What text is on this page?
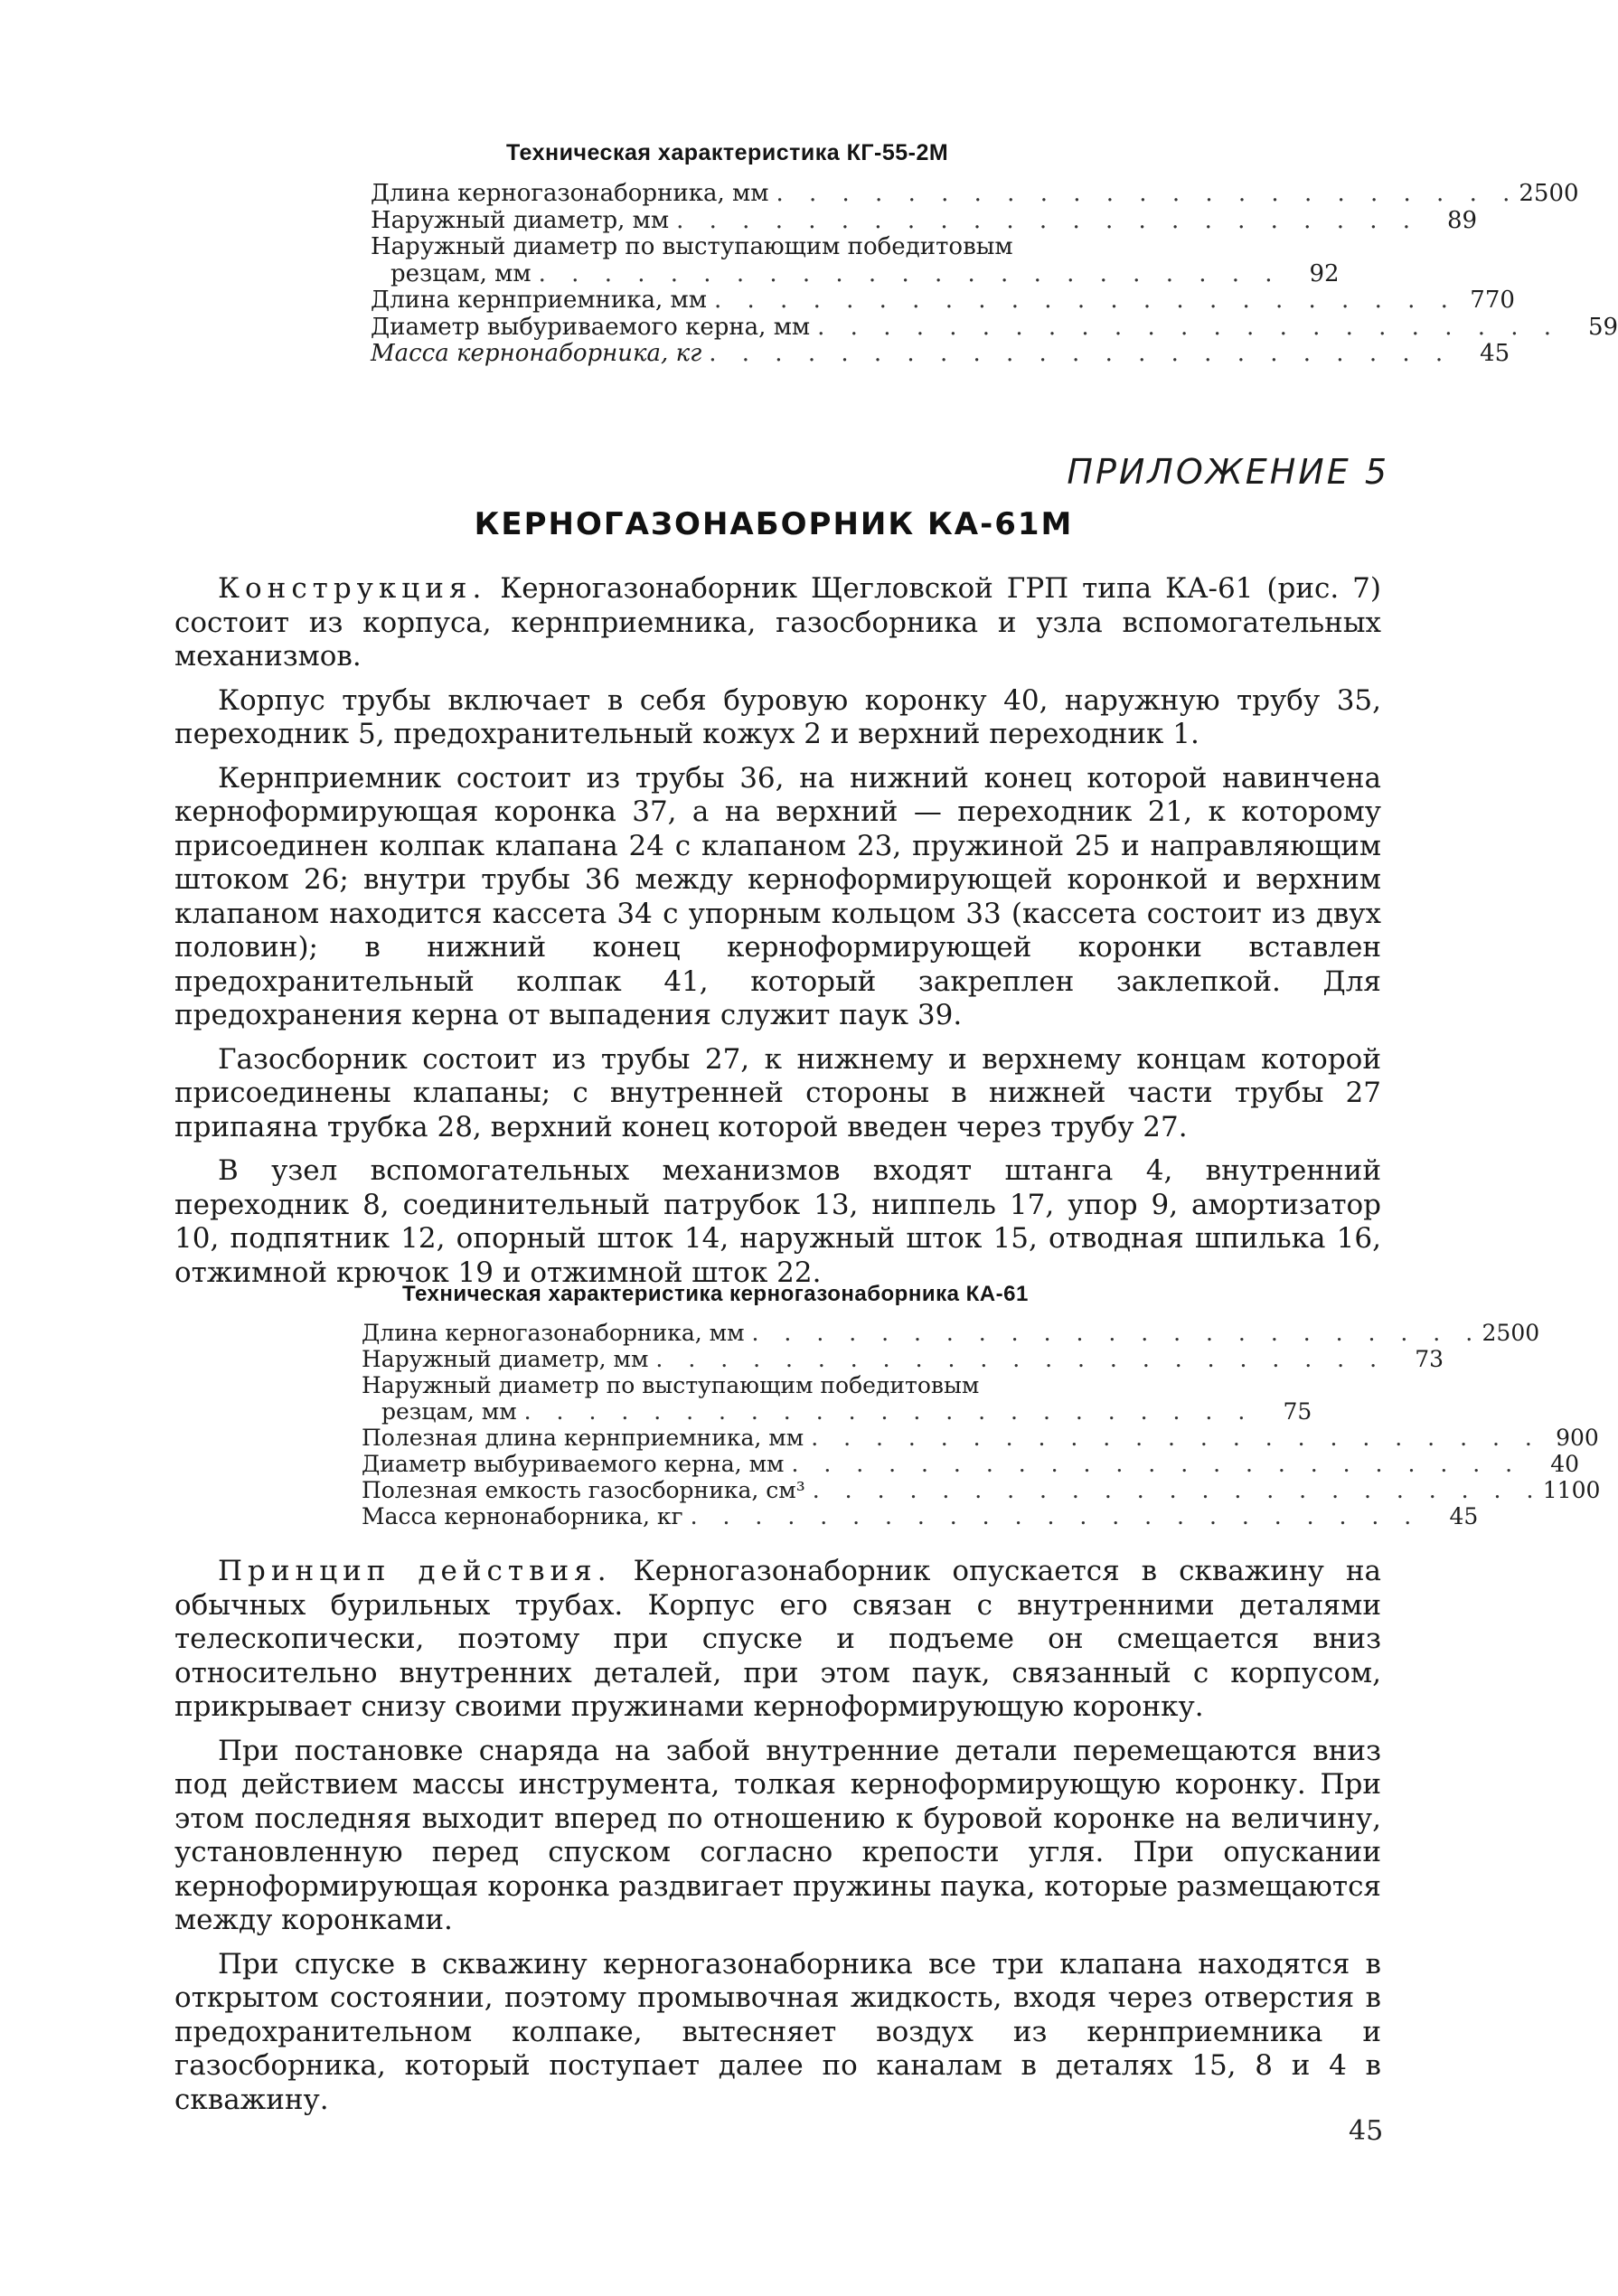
Техническая характеристика КГ-55-2М
Длина керногазонаборника, мм . . . . . . . . . . . . . . . . . . . . . . . 2500
Наружный диаметр, мм . . . . . . . . . . . . . . . . . . . . . . .	89
Наружный диаметр по выступающим победитовым
резцам, мм . . . . . . . . . . . . . . . . . . . . . . .	92
Длина кернприемника, мм . . . . . . . . . . . . . . . . . . . . . . . 770
Диаметр выбуриваемого керна, мм . . . . . . . . . . . . . . . . . . . . . . .	59
Масса кернонаборника, кг . . . . . . . . . . . . . . . . . . . . . . .	45
ПРИЛОЖЕНИЕ 5
КЕРНОГАЗОНАБОРНИК КА-61М

Конструкция. Керногазонаборник Щегловской ГРП типа КА-61 (рис. 7) состоит из корпуса, кернприемника, газосборника и узла вспомогательных механизмов.

Корпус трубы включает в себя буровую коронку 40, наружную трубу 35, переходник 5, предохранительный кожух 2 и верхний переходник 1.

Кернприемник состоит из трубы 36, на нижний конец которой навинчена керноформирующая коронка 37, а на верхний — переходник 21, к которому присоединен колпак клапана 24 с клапаном 23, пружиной 25 и направляющим штоком 26; внутри трубы 36 между керноформирующей коронкой и верхним клапаном находится кассета 34 с упорным кольцом 33 (кассета состоит из двух половин); в нижний конец керноформирующей коронки вставлен предохранительный колпак 41, который закреплен заклепкой. Для предохранения керна от выпадения служит паук 39.

Газосборник состоит из трубы 27, к нижнему и верхнему концам которой присоединены клапаны; с внутренней стороны в нижней части трубы 27 припаяна трубка 28, верхний конец которой введен через трубу 27.

В узел вспомогательных механизмов входят штанга 4, внутренний переходник 8, соединительный патрубок 13, ниппель 17, упор 9, амортизатор 10, подпятник 12, опорный шток 14, наружный шток 15, отводная шпилька 16, отжимной крючок 19 и отжимной шток 22.

Техническая характеристика керногазонаборника КА-61
Длина керногазонаборника, мм . . . . . . . . . . . . . . . . . . . . . . . 2500
Наружный диаметр, мм . . . . . . . . . . . . . . . . . . . . . . .	73
Наружный диаметр по выступающим победитовым
резцам, мм . . . . . . . . . . . . . . . . . . . . . . .	75
Полезная длина кернприемника, мм . . . . . . . . . . . . . . . . . . . . . . . 900
Диаметр выбуриваемого керна, мм . . . . . . . . . . . . . . . . . . . . . . .	40
Полезная емкость газосборника, см³ . . . . . . . . . . . . . . . . . . . . . . . 1100
Масса кернонаборника, кг . . . . . . . . . . . . . . . . . . . . . . .	45

Принцип действия. Керногазонаборник опускается в скважину на обычных бурильных трубах. Корпус его связан с внутренними деталями телескопически, поэтому при спуске и подъеме он смещается вниз относительно внутренних деталей, при этом паук, связанный с корпусом, прикрывает снизу своими пружинами керноформирующую коронку.

При постановке снаряда на забой внутренние детали перемещаются вниз под действием массы инструмента, толкая керноформирующую коронку. При этом последняя выходит вперед по отношению к буровой коронке на величину, установленную перед спуском согласно крепости угля. При опускании керноформирующая коронка раздвигает пружины паука, которые размещаются между коронками.

При спуске в скважину керногазонаборника все три клапана находятся в открытом состоянии, поэтому промывочная жидкость, входя через отверстия в предохранительном колпаке, вытесняет воздух из кернприемника и газосборника, который поступает далее по каналам в деталях 15, 8 и 4 в скважину.

45
